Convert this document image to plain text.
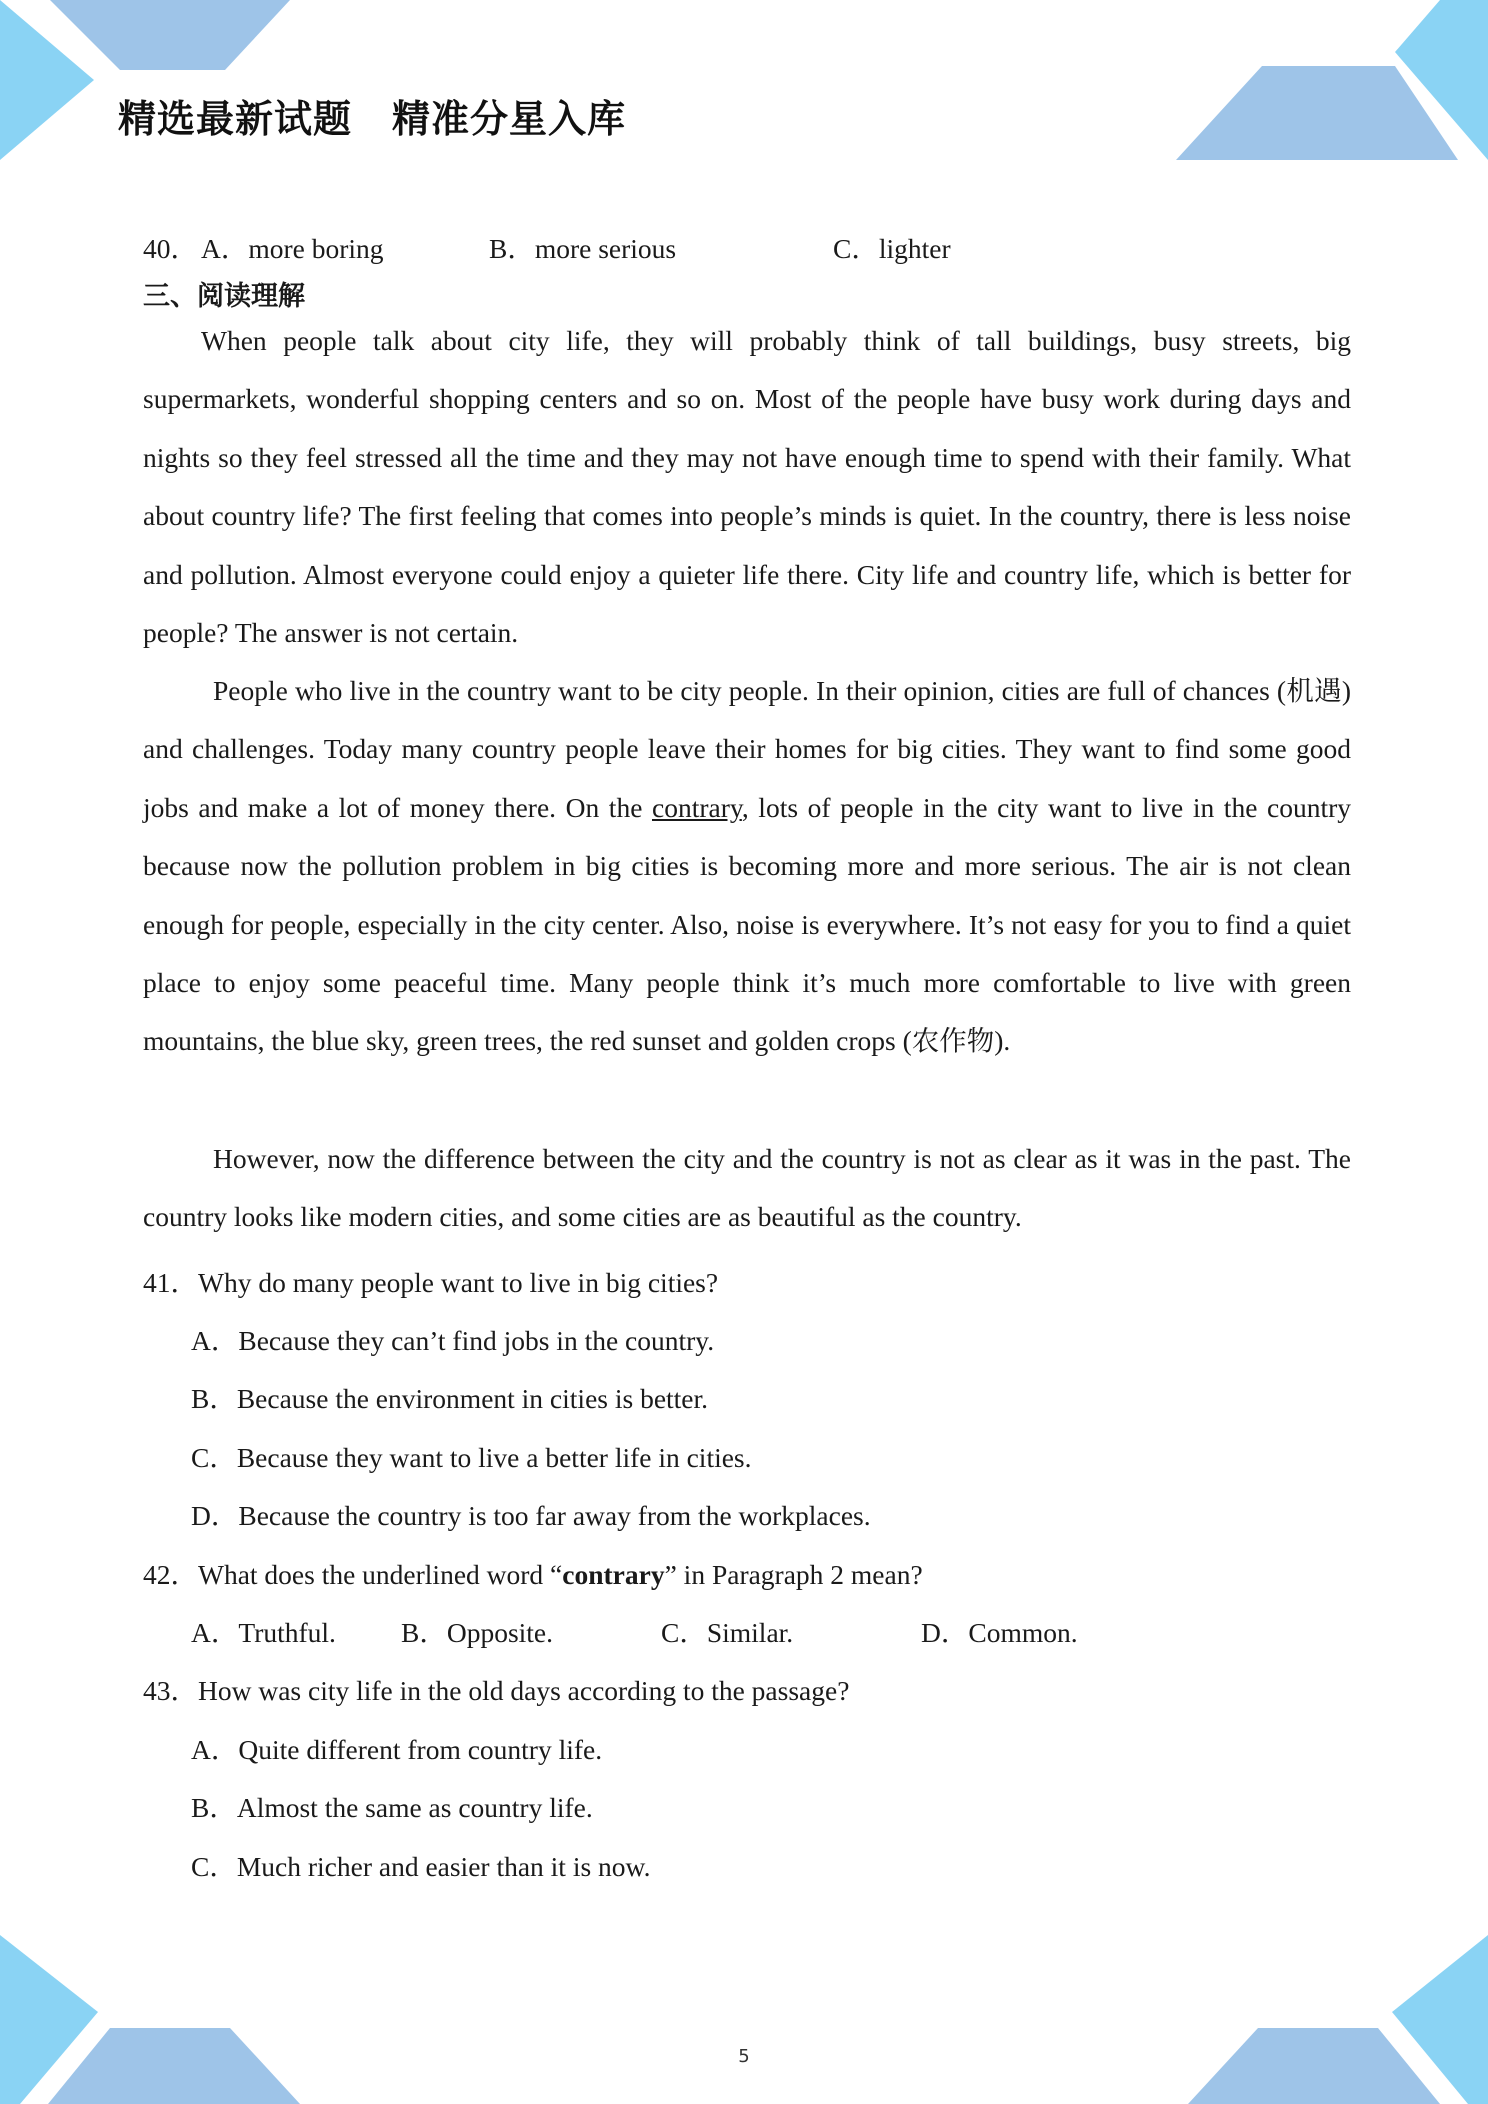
精选最新试题 精准分星入库
40． A．more boring	B．more serious	C．lighter
三、阅读理解
When people talk about city life, they will probably think of tall buildings, busy streets, big supermarkets, wonderful shopping centers and so on. Most of the people have busy work during days and nights so they feel stressed all the time and they may not have enough time to spend with their family. What about country life? The first feeling that comes into people’s minds is quiet. In the country, there is less noise and pollution. Almost everyone could enjoy a quieter life there. City life and country life, which is better for people? The answer is not certain.
People who live in the country want to be city people. In their opinion, cities are full of chances (机遇) and challenges. Today many country people leave their homes for big cities. They want to find some good jobs and make a lot of money there. On the contrary, lots of people in the city want to live in the country because now the pollution problem in big cities is becoming more and more serious. The air is not clean enough for people, especially in the city center. Also, noise is everywhere. It’s not easy for you to find a quiet place to enjoy some peaceful time. Many people think it’s much more comfortable to live with green mountains, the blue sky, green trees, the red sunset and golden crops (农作物).
However, now the difference between the city and the country is not as clear as it was in the past. The country looks like modern cities, and some cities are as beautiful as the country.
41．Why do many people want to live in big cities?
A．Because they can’t find jobs in the country.
B．Because the environment in cities is better.
C．Because they want to live a better life in cities.
D．Because the country is too far away from the workplaces.
42．What does the underlined word “contrary” in Paragraph 2 mean?
A．Truthful. B．Opposite.	C．Similar.	D．Common.
43．How was city life in the old days according to the passage?
A．Quite different from country life.
B．Almost the same as country life.
C．Much richer and easier than it is now.
5
